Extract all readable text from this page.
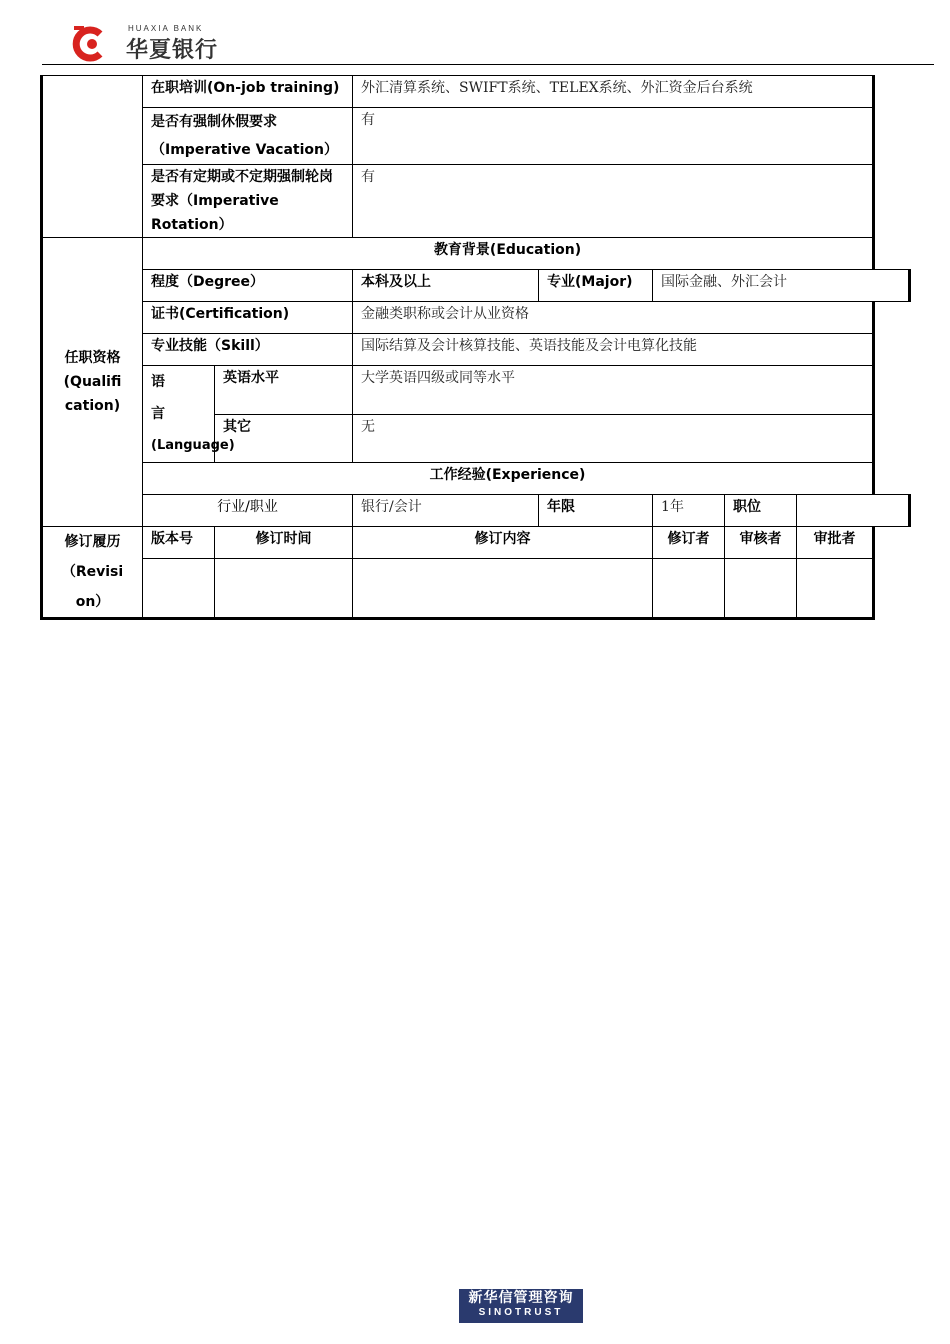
HUAXIA BANK
华夏银行
	在职培训(On-job training)		外汇清算系统、SWIFT系统、TELEX系统、外汇资金后台系统				

	是否有强制休假要求
（Imperative Vacation）		有				

	是否有定期或不定期强制轮岗
要求（Imperative Rotation）		有				

任职资格
(Qualifi
cation)	教育背景(Education)						
	程度（Degree）		本科及以上	专业(Major)	国际金融、外汇会计		
	证书(Certification)		金融类职称或会计从业资格				
	专业技能（Skill）		国际结算及会计核算技能、英语技能及会计电算化技能				

	语　　言
(Language)	英语水平	大学英语四级或同等水平				
		其它	无				
	工作经验(Experience)						
	行业/职业		银行/会计	年限	1年	职位	

修订履历
（Revisi
on）	版本号	修订时间	修订内容		修订者	审核者	审批者

新华信管理咨询
SINOTRUST
